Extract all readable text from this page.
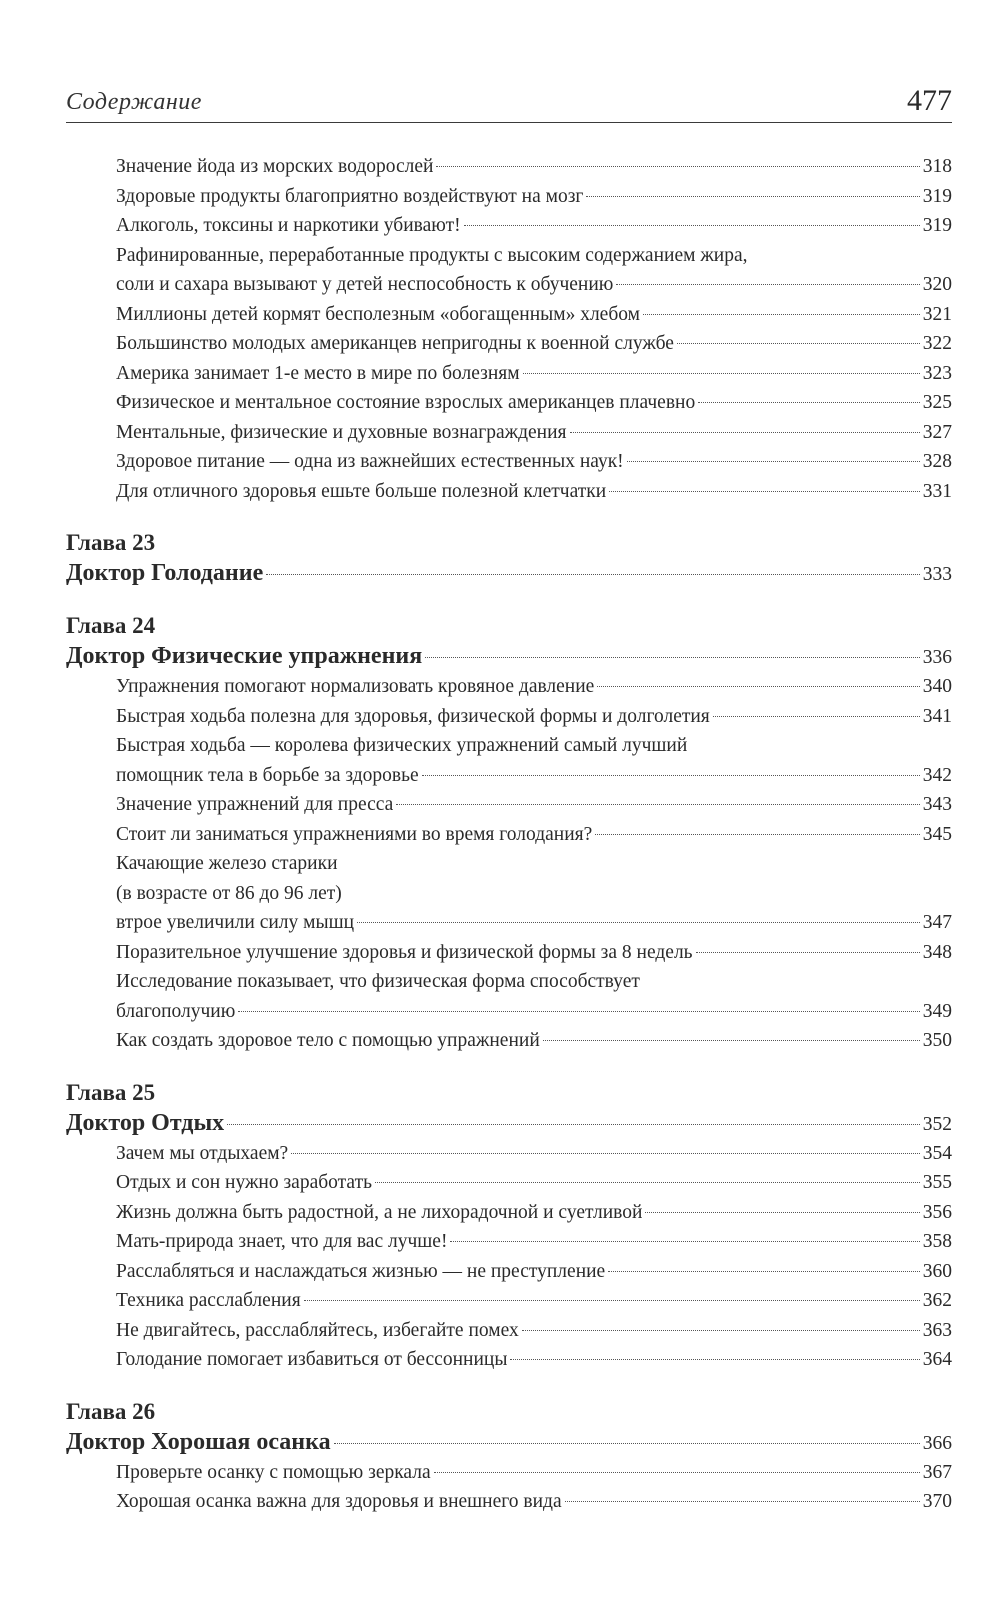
Содержание	477
Значение йода из морских водорослей	318
Здоровые продукты благоприятно воздействуют на мозг	319
Алкоголь, токсины и наркотики убивают!	319
Рафинированные, переработанные продукты с высоким содержанием жира,
соли и сахара вызывают у детей неспособность к обучению	320
Миллионы детей кормят бесполезным «обогащенным» хлебом	321
Большинство молодых американцев непригодны к военной службе	322
Америка занимает 1-е место в мире по болезням	323
Физическое и ментальное состояние взрослых американцев плачевно	325
Ментальные, физические и духовные вознаграждения	327
Здоровое питание — одна из важнейших естественных наук!	328
Для отличного здоровья ешьте больше полезной клетчатки	331
Глава 23
Доктор Голодание	333
Глава 24
Доктор Физические упражнения	336
Упражнения помогают нормализовать кровяное давление	340
Быстрая ходьба полезна для здоровья, физической формы и долголетия	341
Быстрая ходьба — королева физических упражнений самый лучший
помощник тела в борьбе за здоровье	342
Значение упражнений для пресса	343
Стоит ли заниматься упражнениями во время голодания?	345
Качающие железо старики
(в возрасте от 86 до 96 лет)
втрое увеличили силу мышц	347
Поразительное улучшение здоровья и физической формы за 8 недель	348
Исследование показывает, что физическая форма способствует
благополучию	349
Как создать здоровое тело с помощью упражнений	350
Глава 25
Доктор Отдых	352
Зачем мы отдыхаем?	354
Отдых и сон нужно заработать	355
Жизнь должна быть радостной, а не лихорадочной и суетливой	356
Мать-природа знает, что для вас лучше!	358
Расслабляться и наслаждаться жизнью — не преступление	360
Техника расслабления	362
Не двигайтесь, расслабляйтесь, избегайте помех	363
Голодание помогает избавиться от бессонницы	364
Глава 26
Доктор Хорошая осанка	366
Проверьте осанку с помощью зеркала	367
Хорошая осанка важна для здоровья и внешнего вида	370
